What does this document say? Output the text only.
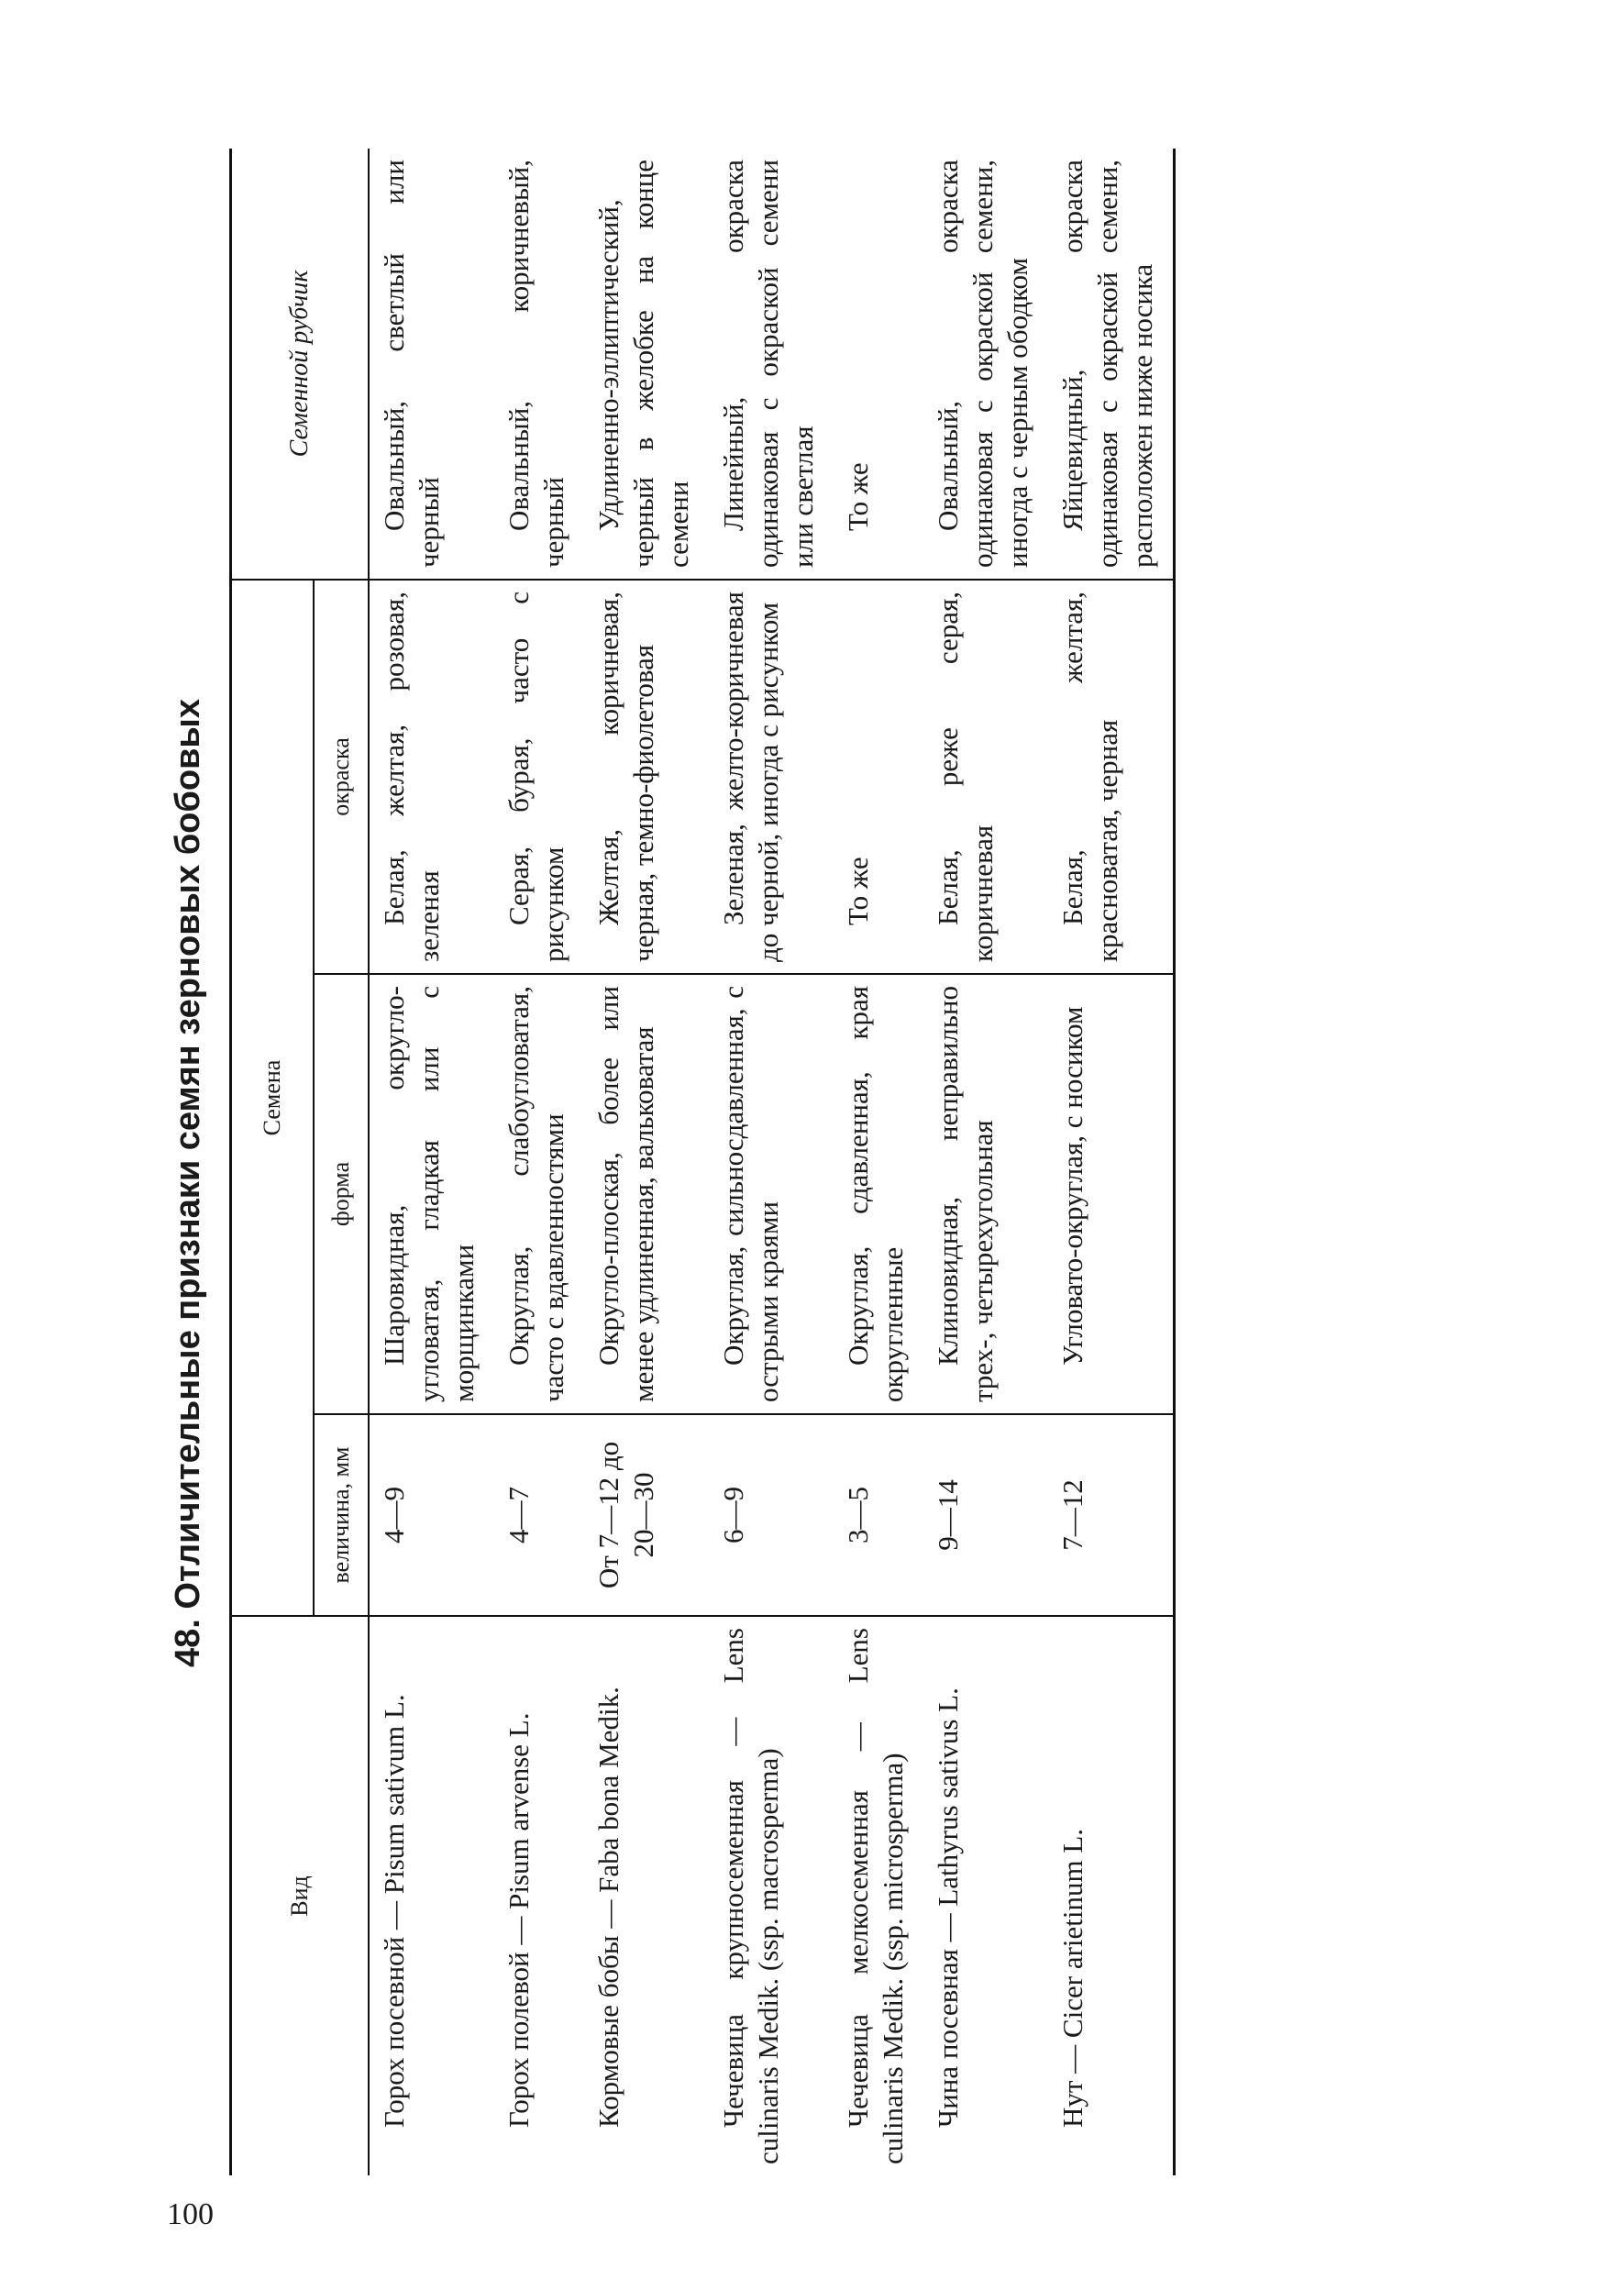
100
48. Отличительные признаки семян зерновых бобовых
Вид	Семена			Семенной рубчик
	величина, мм	форма	окраска	
Горох посевной — Pisum sativum L.	4—9	Шаровидная, округло-угловатая, гладкая или с морщинками	Белая, желтая, розовая, зеленая	Овальный, светлый или черный
Горох полевой — Pisum arvense L.	4—7	Округлая, слабоугловатая, часто с вдавленностями	Серая, бурая, часто с рисунком	Овальный, коричневый, черный
Кормовые бобы — Faba bona Medik.	От 7—12 до 20—30	Округло-плоская, более или менее удлиненная, вальковатая	Желтая, коричневая, черная, темно-фиолетовая	Удлиненно-эллиптический, черный в желобке на конце семени
Чечевица крупносеменная — Lens culinaris Medik. (ssp. macrosperma)	6—9	Округлая, сильносдавленная, с острыми краями	Зеленая, желто-коричневая до черной, иногда с рисунком	Линейный, окраска одинаковая с окраской семени или светлая
Чечевица мелкосеменная — Lens culinaris Medik. (ssp. microsperma)	3—5	Округлая, сдавленная, края округленные	То же	То же
Чина посевная — Lathyrus sativus L.	9—14	Клиновидная, неправильно трех-, четырехугольная	Белая, реже серая, коричневая	Овальный, окраска одинаковая с окраской семени, иногда с черным ободком
Нут — Cicer arietinum L.	7—12	Угловато-округлая, с носиком	Белая, желтая, красноватая, черная	Яйцевидный, окраска одинаковая с окраской семени, расположен ниже носика
